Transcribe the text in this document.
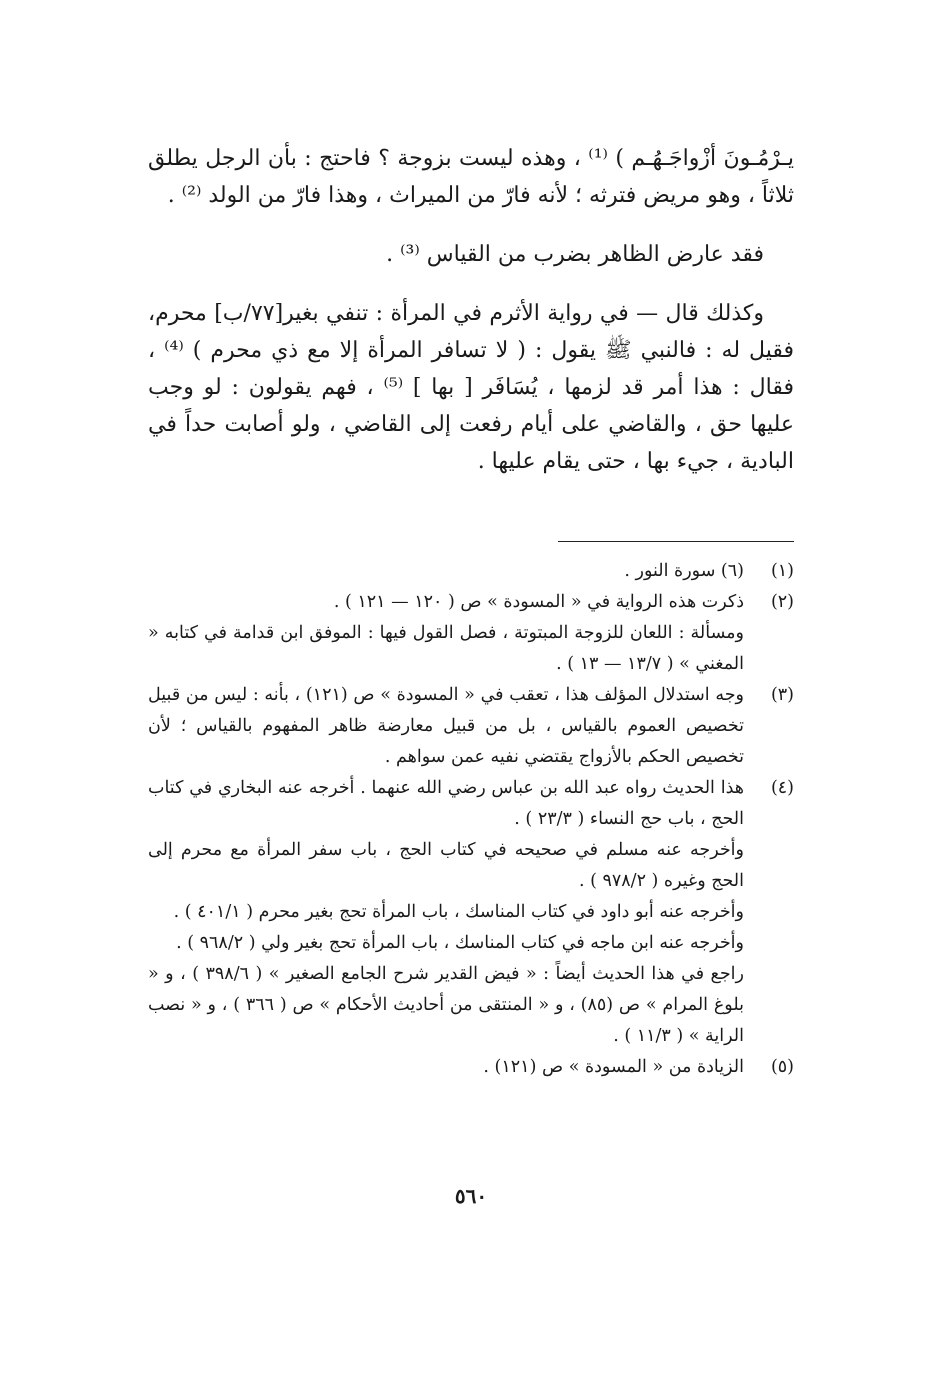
يـرْمُـونَ أزْواجَـهُـم ) ⁽¹⁾ ، وهذه ليست بزوجة ؟ فاحتج : بأن الرجل يطلق ثلاثاً ، وهو مريض فترثه ؛ لأنه فارّ من الميراث ، وهذا فارّ من الولد ⁽²⁾ .

فقد عارض الظاهر بضرب من القياس ⁽³⁾ .

وكذلك قال — في رواية الأثرم في المرأة : تنفي بغير[٧٧/ب] محرم، فقيل له : فالنبي ﷺ يقول : ( لا تسافر المرأة إلا مع ذي محرم ) ⁽⁴⁾ ، فقال : هذا أمر قد لزمها ، يُسَافَر [ بها ] ⁽⁵⁾ ، فهم يقولون : لو وجب عليها حق ، والقاضي على أيام رفعت إلى القاضي ، ولو أصابت حداً في البادية ، جيء بها ، حتى يقام عليها .

(١)

(٦) سورة النور .

(٢)

ذكرت هذه الرواية في « المسودة » ص ( ١٢٠ — ١٢١ ) .

ومسألة : اللعان للزوجة المبتوتة ، فصل القول فيها : الموفق ابن قدامة في كتابه « المغني » ( ١٣/٧ — ١٣ ) .

(٣)

وجه استدلال المؤلف هذا ، تعقب في « المسودة » ص (١٢١) ، بأنه : ليس من قبيل تخصيص العموم بالقياس ، بل من قبيل معارضة ظاهر المفهوم بالقياس ؛ لأن تخصيص الحكم بالأزواج يقتضي نفيه عمن سواهم .

(٤)

هذا الحديث رواه عبد الله بن عباس رضي الله عنهما . أخرجه عنه البخاري في كتاب الحج ، باب حج النساء ( ٢٣/٣ ) .

وأخرجه عنه مسلم في صحيحه في كتاب الحج ، باب سفر المرأة مع محرم إلى الحج وغيره ( ٩٧٨/٢ ) .

وأخرجه عنه أبو داود في كتاب المناسك ، باب المرأة تحج بغير محرم ( ٤٠١/١ ) .

وأخرجه عنه ابن ماجه في كتاب المناسك ، باب المرأة تحج بغير ولي ( ٩٦٨/٢ ) .

راجع في هذا الحديث أيضاً : « فيض القدير شرح الجامع الصغير » ( ٣٩٨/٦ ) ، و « بلوغ المرام » ص (٨٥) ، و « المنتقى من أحاديث الأحكام » ص ( ٣٦٦ ) ، و « نصب الراية » ( ١١/٣ ) .

(٥)

الزيادة من « المسودة » ص (١٢١) .

٥٦٠
